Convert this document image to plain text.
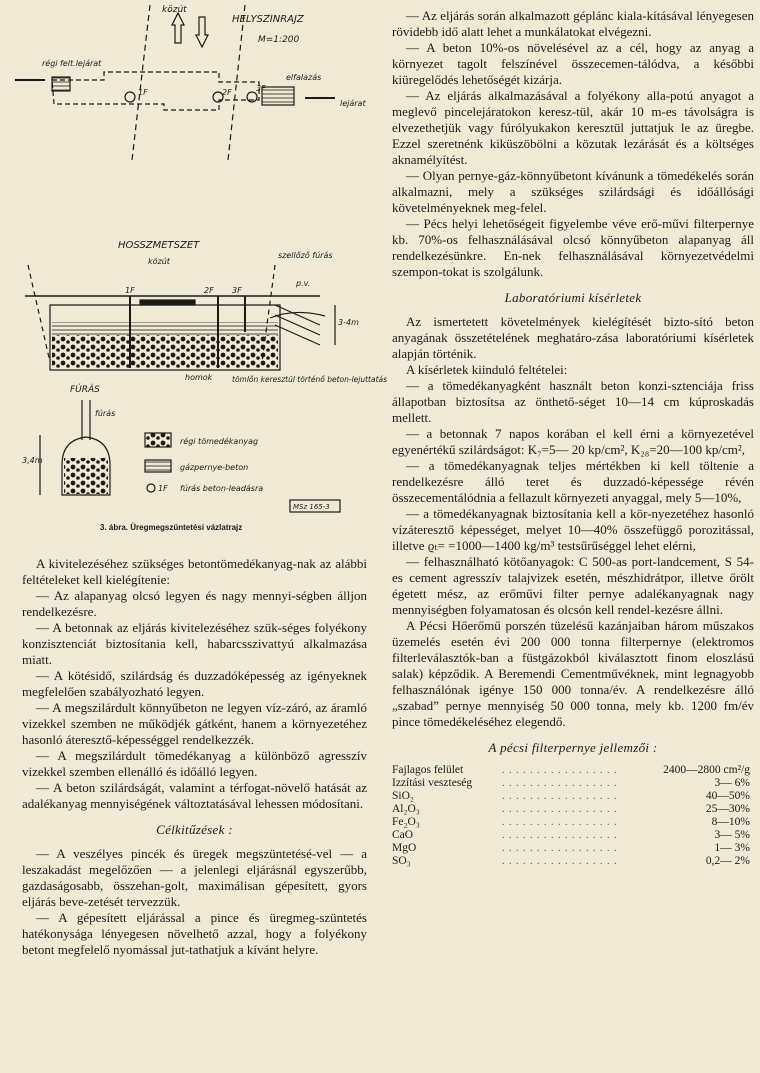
közút
HELYSZINRAJZ
M=1:200
régi felt.lejárat
elfalazás
lejárat
1F	2F	3F
HOSSZMETSZET
közút
szellőző fúrás
p.v.
3-4m
1F	2F 3F
homok	tömlőn keresztül történő beton-lejuttatás
FÚRÁS
fúrás
3,4m
régi tömedékanyag
gázpernye-beton
1F fúrás beton-leadásra
MSz 165-3
3. ábra. Üregmegszüntetési vázlatrajz

A kivitelezéséhez szükséges betontömedékanyag-nak az alábbi feltételeket kell kielégítenie:

— Az alapanyag olcsó legyen és nagy mennyi-ségben álljon rendelkezésre.

— A betonnak az eljárás kivitelezéséhez szük-séges folyékony konzisztenciát biztosítania kell, habarcsszivattyú alkalmazása miatt.

— A kötésidő, szilárdság és duzzadóképesség az igényeknek megfelelően szabályozható legyen.

— A megszilárdult könnyűbeton ne legyen víz-záró, az áramló vizekkel szemben ne működjék gátként, hanem a környezetéhez hasonló áteresztő-képességgel rendelkezzék.

— A megszilárdult tömedékanyag a különböző agresszív vizekkel szemben ellenálló és időálló legyen.

— A beton szilárdságát, valamint a térfogat-növelő hatását az adalékanyag mennyiségének változtatásával lehessen módosítani.

Célkitűzések :

— A veszélyes pincék és üregek megszüntetésé-vel — a leszakadást megelőzően — a jelenlegi eljárásnál egyszerűbb, gazdaságosabb, összehan-golt, maximálisan gépesített, gyors eljárás beve-zetését tervezzük.

— A gépesített eljárással a pince és üregmeg-szüntetés hatékonysága lényegesen növelhető azzal, hogy a folyékony betont megfelelő nyomással jut-tathatjuk a kívánt helyre.

— Az eljárás során alkalmazott géplánc kiala-kításával lényegesen rövidebb idő alatt lehet a munkálatokat elvégezni.

— A beton 10%-os növelésével az a cél, hogy az anyag a környezet tagolt felszínével összecemen-tálódva, a későbbi kiüregelődés lehetőségét kizárja.

— Az eljárás alkalmazásával a folyékony alla-potú anyagot a meglevő pincelejáratokon keresz-tül, akár 10 m-es távolságra is elvezethetjük vagy fúrólyukakon keresztül juttatjuk le az üregbe. Ezzel szeretnénk kiküszöbölni a közutak lezárását és a költséges aknamélyítést.

— Olyan pernye-gáz-könnyűbetont kívánunk a tömedékelés során alkalmazni, mely a szükséges szilárdsági és időállósági követelményeknek meg-felel.

— Pécs helyi lehetőségeit figyelembe véve erő-művi filterpernye kb. 70%-os felhasználásával olcsó könnyűbeton alapanyag áll rendelkezésünkre. En-nek felhasználásával környezetvédelmi szempon-tokat is szolgálunk.

Laboratóriumi kísérletek

Az ismertetett követelmények kielégítését bizto-sító beton anyagának összetételének meghatáro-zása laboratóriumi kísérletek alapján történik.

A kísérletek kiinduló feltételei:

— a tömedékanyagként használt beton konzi-sztenciája friss állapotban biztosítsa az önthető-séget 10—14 cm kúproskadás mellett.

— a betonnak 7 napos korában el kell érni a környezetével egyenértékű szilárdságot: K₇=5— 20 kp/cm², K₂₈=20—100 kp/cm²,

— a tömedékanyagnak teljes mértékben ki kell töltenie a rendelkezésre álló teret és duzzadó-képessége révén összecementálódnia a fellazult környezeti anyaggal, mely 5—10%,

— a tömedékanyagnak biztosítania kell a kör-nyezetéhez hasonló vízáteresztő képességet, melyet 10—40% összefüggő porozitással, illetve ϱₜ= =1000—1400 kg/m³ testsűrűséggel lehet elérni,

— felhasználható kötőanyagok: C 500-as port-landcement, S 54-es cement agresszív talajvizek esetén, mészhidrátpor, illetve őrölt égetett mész, az erőművi filter pernye adalékanyagnak nagy mennyiségben folyamatosan és olcsón kell rendel-kezésre állni.

A Pécsi Hőerőmű porszén tüzelésű kazánjaiban három műszakos üzemelés esetén évi 200 000 tonna filterpernye (elektromos filterleválasztók-ban a füstgázokból kiválasztott finom eloszlású salak) képződik. A Beremendi Cementművéknek, mint legnagyobb felhasználónak igénye 150 000 tonna/év. A rendelkezésre álló „szabad” pernye mennyiség 50 000 tonna, mely kb. 1200 fm/év pince tömedékeléséhez elegendő.

A pécsi filterpernye jellemzői :
Fajlagos felület	. . . . . . . . . . . . . . . . .	2400—2800 cm²/g
Izzítási veszteség	. . . . . . . . . . . . . . . . .	3— 6%
SiO₂	. . . . . . . . . . . . . . . . .	40—50%
Al₂O₃	. . . . . . . . . . . . . . . . .	25—30%
Fe₂O₃	. . . . . . . . . . . . . . . . .	8—10%
CaO	. . . . . . . . . . . . . . . . .	3— 5%
MgO	. . . . . . . . . . . . . . . . .	1— 3%
SO₃	. . . . . . . . . . . . . . . . .	0,2— 2%
